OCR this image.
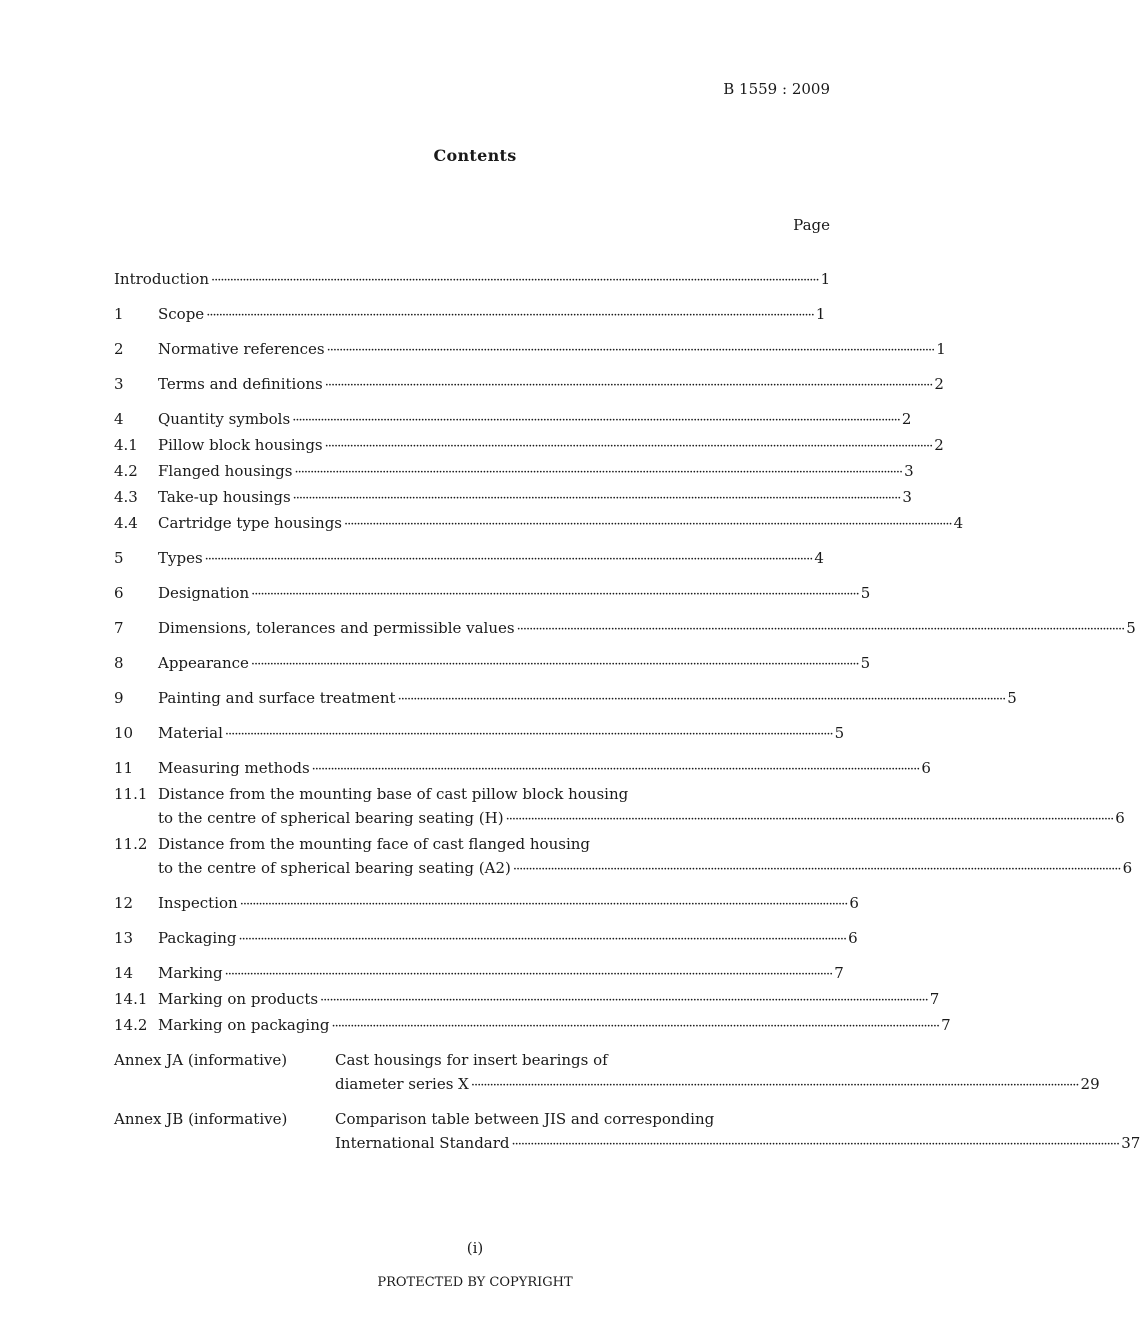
B 1559 : 2009
Contents
Page
Introduction ·····	1
1	Scope ·····	1
2	Normative references ·····	1
3	Terms and definitions ·····	2
4	Quantity symbols ·····	2
4.1	Pillow block housings ·····	2
4.2	Flanged housings ·····	3
4.3	Take-up housings ·····	3
4.4	Cartridge type housings ·····	4
5	Types ·····	4
6	Designation ·····	5
7	Dimensions, tolerances and permissible values ·····	5
8	Appearance ·····	5
9	Painting and surface treatment ·····	5
10	Material ·····	5
11	Measuring methods ·····	6
11.1 Distance from the mounting base of cast pillow block housing
to the centre of spherical bearing seating (H) ·····	6
11.2 Distance from the mounting face of cast flanged housing
to the centre of spherical bearing seating (A2) ·····	6
12	Inspection ·····	6
13	Packaging ·····	6
14	Marking ·····	7
14.1 Marking on products ·····	7
14.2 Marking on packaging ·····	7
Annex JA (informative)	Cast housings for insert bearings of
diameter series X ·····	29
Annex JB (informative)	Comparison table between JIS and corresponding
International Standard ·····	37
(i)
PROTECTED BY COPYRIGHT
